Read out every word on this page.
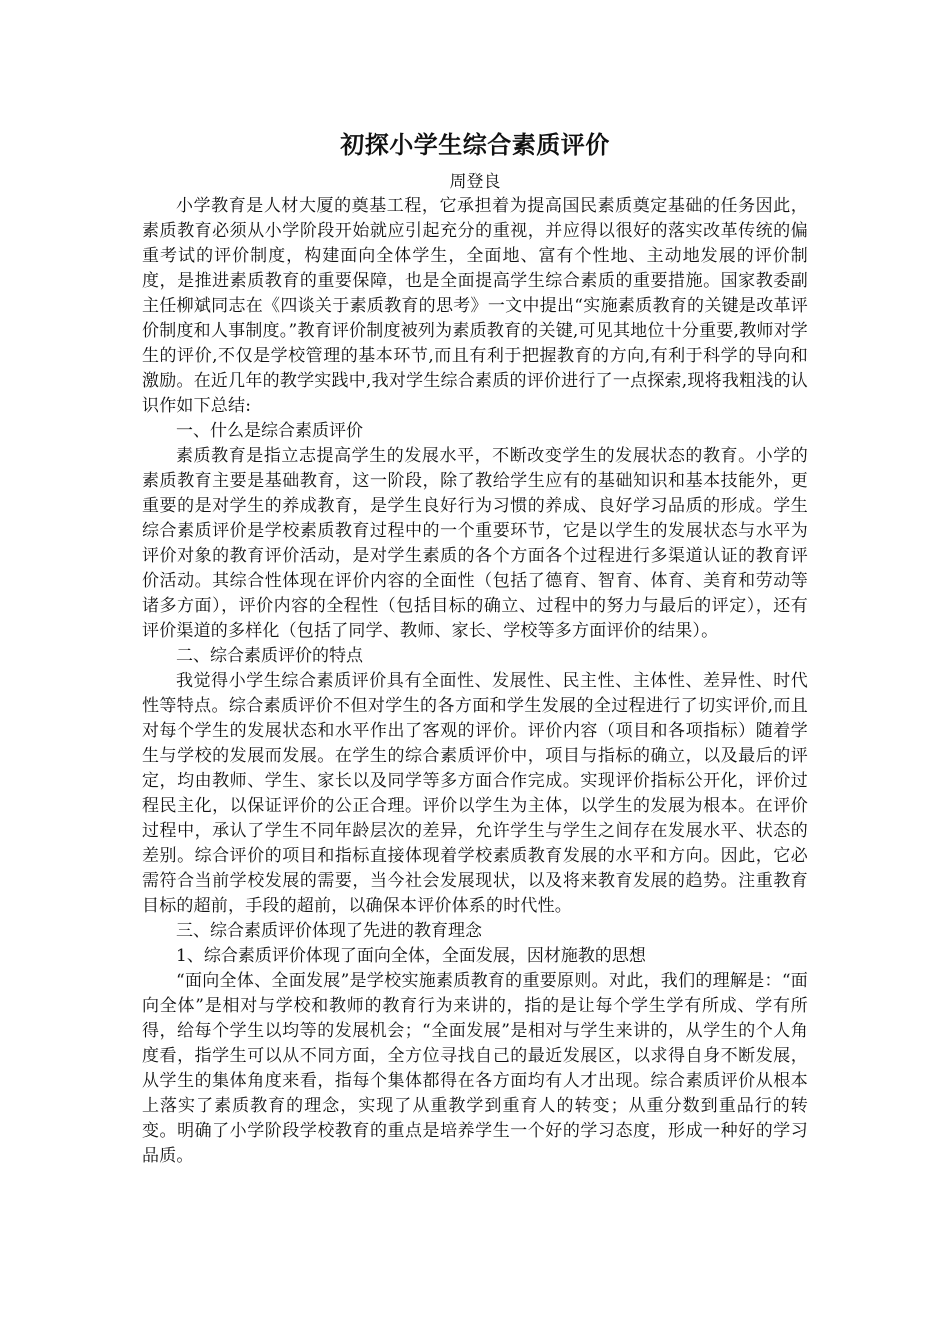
初探小学生综合素质评价

周登良

小学教育是人材大厦的奠基工程，它承担着为提高国民素质奠定基础的任务因此，素质教育必须从小学阶段开始就应引起充分的重视，并应得以很好的落实改革传统的偏重考试的评价制度，构建面向全体学生，全面地、富有个性地、主动地发展的评价制度，是推进素质教育的重要保障，也是全面提高学生综合素质的重要措施。国家教委副主任柳斌同志在《四谈关于素质教育的思考》一文中提出“实施素质教育的关键是改革评价制度和人事制度。”教育评价制度被列为素质教育的关键,可见其地位十分重要,教师对学生的评价,不仅是学校管理的基本环节,而且有利于把握教育的方向,有利于科学的导向和激励。在近几年的教学实践中,我对学生综合素质的评价进行了一点探索,现将我粗浅的认识作如下总结:

一、什么是综合素质评价

素质教育是指立志提高学生的发展水平，不断改变学生的发展状态的教育。小学的素质教育主要是基础教育，这一阶段，除了教给学生应有的基础知识和基本技能外，更重要的是对学生的养成教育，是学生良好行为习惯的养成、良好学习品质的形成。学生综合素质评价是学校素质教育过程中的一个重要环节，它是以学生的发展状态与水平为评价对象的教育评价活动，是对学生素质的各个方面各个过程进行多渠道认证的教育评价活动。其综合性体现在评价内容的全面性（包括了德育、智育、体育、美育和劳动等诸多方面），评价内容的全程性（包括目标的确立、过程中的努力与最后的评定），还有评价渠道的多样化（包括了同学、教师、家长、学校等多方面评价的结果）。

二、综合素质评价的特点

我觉得小学生综合素质评价具有全面性、发展性、民主性、主体性、差异性、时代性等特点。综合素质评价不但对学生的各方面和学生发展的全过程进行了切实评价,而且对每个学生的发展状态和水平作出了客观的评价。评价内容（项目和各项指标）随着学生与学校的发展而发展。在学生的综合素质评价中，项目与指标的确立，以及最后的评定，均由教师、学生、家长以及同学等多方面合作完成。实现评价指标公开化，评价过程民主化，以保证评价的公正合理。评价以学生为主体，以学生的发展为根本。在评价过程中，承认了学生不同年龄层次的差异，允许学生与学生之间存在发展水平、状态的差别。综合评价的项目和指标直接体现着学校素质教育发展的水平和方向。因此，它必需符合当前学校发展的需要，当今社会发展现状，以及将来教育发展的趋势。注重教育目标的超前，手段的超前，以确保本评价体系的时代性。

三、综合素质评价体现了先进的教育理念

1、综合素质评价体现了面向全体，全面发展，因材施教的思想

“面向全体、全面发展”是学校实施素质教育的重要原则。对此，我们的理解是：“面向全体”是相对与学校和教师的教育行为来讲的，指的是让每个学生学有所成、学有所得，给每个学生以均等的发展机会；“全面发展”是相对与学生来讲的，从学生的个人角度看，指学生可以从不同方面，全方位寻找自己的最近发展区，以求得自身不断发展，从学生的集体角度来看，指每个集体都得在各方面均有人才出现。综合素质评价从根本上落实了素质教育的理念，实现了从重教学到重育人的转变；从重分数到重品行的转变。明确了小学阶段学校教育的重点是培养学生一个好的学习态度，形成一种好的学习品质。
